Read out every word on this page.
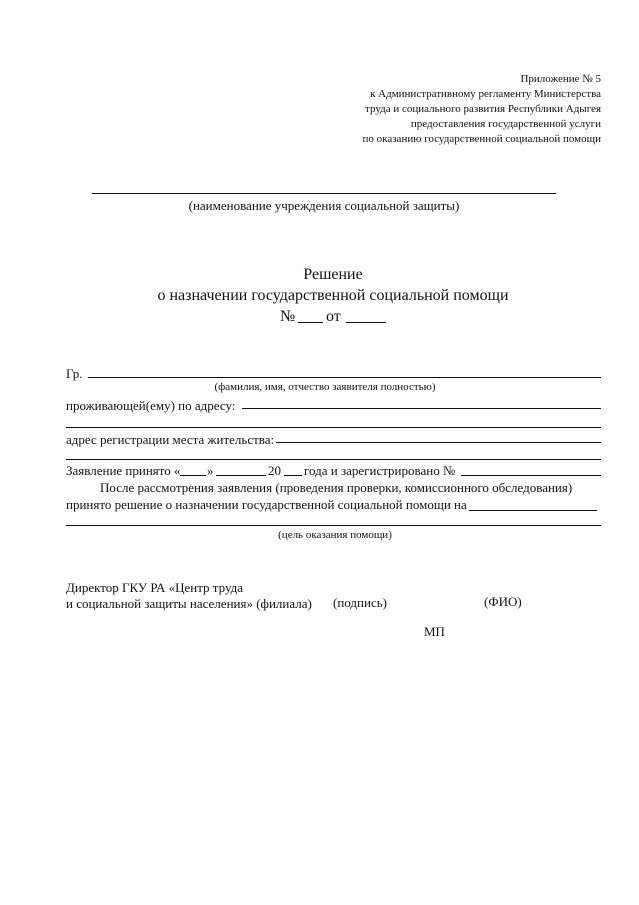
Приложение № 5
к Административному регламенту Министерства
труда и социального развития Республики Адыгея
предоставления государственной услуги
по оказанию государственной социальной помощи
(наименование учреждения социальной защиты)
Решение
о назначении государственной социальной помощи
№ от
Гр.
(фамилия, имя, отчество заявителя полностью)
проживающей(ему) по адресу:
адрес регистрации места жительства:
Заявление принято « »	20 года и зарегистрировано №
После рассмотрения заявления (проведения проверки, комиссионного обследования)
принято решение о назначении государственной социальной помощи на
(цель оказания помощи)
Директор ГКУ РА «Центр труда
и социальной защиты населения» (филиала) (подпись)	(ФИО)
МП
